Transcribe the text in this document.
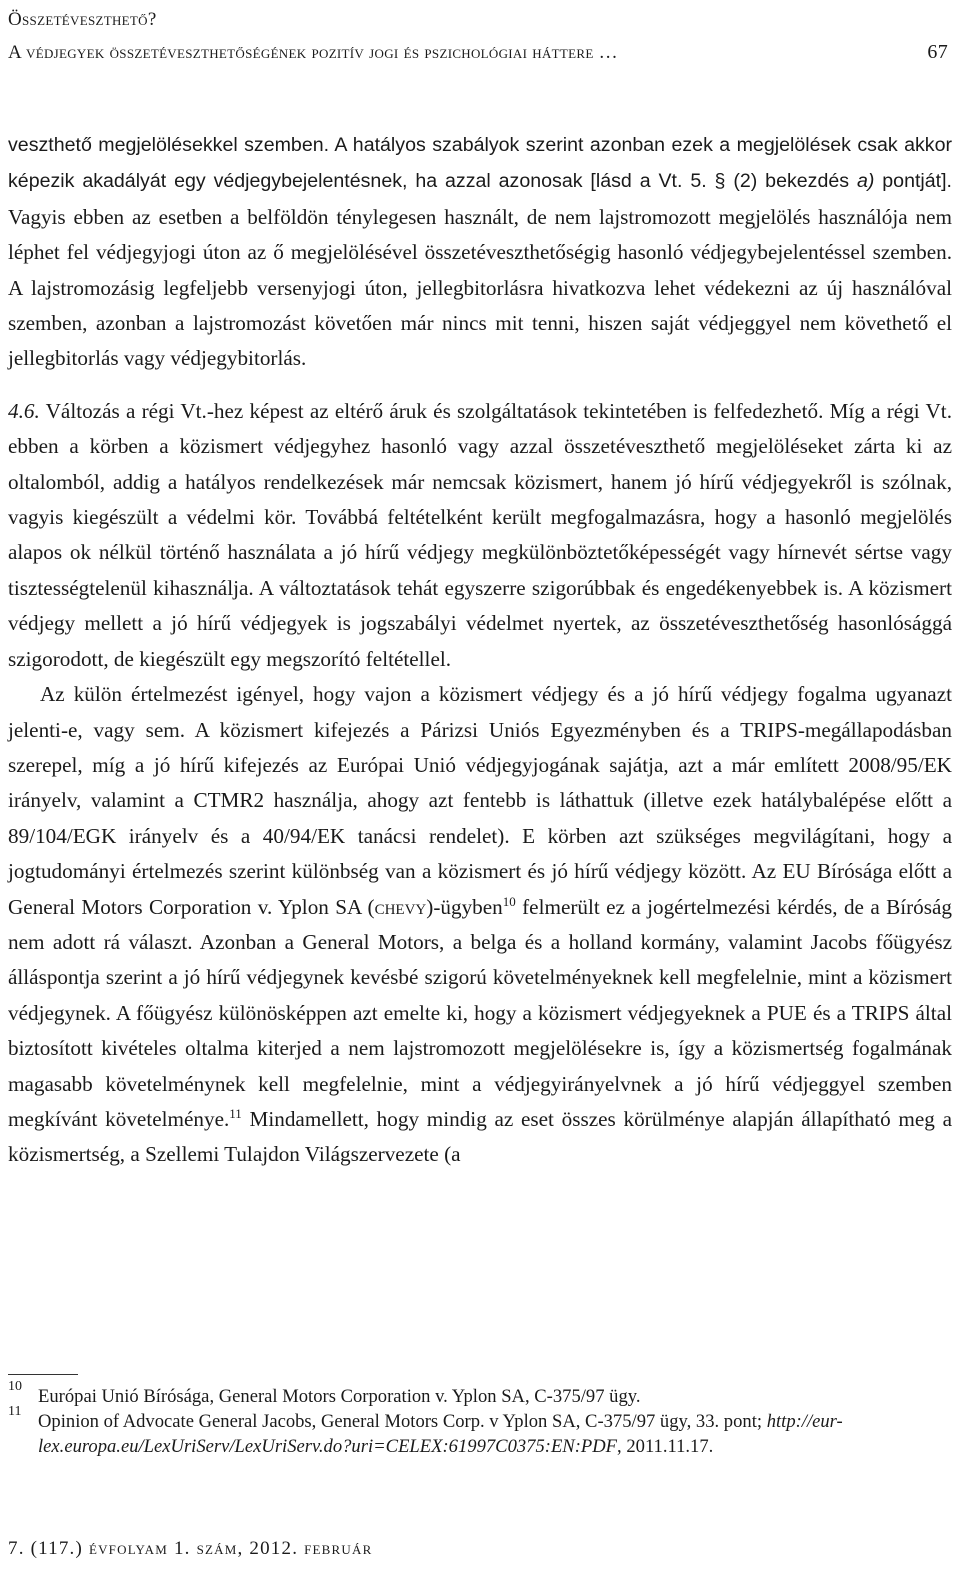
Összetéveszthető?
A védjegyek összetéveszthetőségének pozitív jogi és pszichológiai háttere …	67

veszthető megjelölésekkel szemben. A hatályos szabályok szerint azonban ezek a megjelölések csak akkor képezik akadályát egy védjegybejelentésnek, ha azzal azonosak [lásd a Vt. 5. § (2) bekezdés a) pontját]. Vagyis ebben az esetben a belföldön ténylegesen használt, de nem lajstromozott megjelölés használója nem léphet fel védjegyjogi úton az ő megjelölésével összetéveszthetőségig hasonló védjegybejelentéssel szemben. A lajstromozásig legfeljebb versenyjogi úton, jellegbitorlásra hivatkozva lehet védekezni az új használóval szemben, azonban a lajstromozást követően már nincs mit tenni, hiszen saját védjeggyel nem követhető el jellegbitorlás vagy védjegybitorlás.

4.6. Változás a régi Vt.-hez képest az eltérő áruk és szolgáltatások tekintetében is felfedezhető. Míg a régi Vt. ebben a körben a közismert védjegyhez hasonló vagy azzal összetéveszthető megjelöléseket zárta ki az oltalomból, addig a hatályos rendelkezések már nemcsak közismert, hanem jó hírű védjegyekről is szólnak, vagyis kiegészült a védelmi kör. Továbbá feltételként került megfogalmazásra, hogy a hasonló megjelölés alapos ok nélkül történő használata a jó hírű védjegy megkülönböztetőképességét vagy hírnevét sértse vagy tisztességtelenül kihasználja. A változtatások tehát egyszerre szigorúbbak és engedékenyebbek is. A közismert védjegy mellett a jó hírű védjegyek is jogszabályi védelmet nyertek, az összetéveszthetőség hasonlósággá szigorodott, de kiegészült egy megszorító feltétellel.

Az külön értelmezést igényel, hogy vajon a közismert védjegy és a jó hírű védjegy fogalma ugyanazt jelenti-e, vagy sem. A közismert kifejezés a Párizsi Uniós Egyezményben és a TRIPS-megállapodásban szerepel, míg a jó hírű kifejezés az Európai Unió védjegyjogának sajátja, azt a már említett 2008/95/EK irányelv, valamint a CTMR2 használja, ahogy azt fentebb is láthattuk (illetve ezek hatálybalépése előtt a 89/104/EGK irányelv és a 40/94/EK tanácsi rendelet). E körben azt szükséges megvilágítani, hogy a jogtudományi értelmezés szerint különbség van a közismert és jó hírű védjegy között. Az EU Bírósága előtt a General Motors Corporation v. Yplon SA (chevy)-ügyben$^{10}$ felmerült ez a jogértelmezési kérdés, de a Bíróság nem adott rá választ. Azonban a General Motors, a belga és a holland kormány, valamint Jacobs főügyész álláspontja szerint a jó hírű védjegynek kevésbé szigorú követelményeknek kell megfelelnie, mint a közismert védjegynek. A főügyész különösképpen azt emelte ki, hogy a közismert védjegyeknek a PUE és a TRIPS által biztosított kivételes oltalma kiterjed a nem lajstromozott megjelölésekre is, így a közismertség fogalmának magasabb követelménynek kell megfelelnie, mint a védjegyirányelvnek a jó hírű védjeggyel szemben megkívánt követelménye.$^{11}$ Mindamellett, hogy mindig az eset összes körülménye alapján állapítható meg a közismertség, a Szellemi Tulajdon Világszervezete (a

10 Európai Unió Bírósága, General Motors Corporation v. Yplon SA, C-375/97 ügy.
11 Opinion of Advocate General Jacobs, General Motors Corp. v Yplon SA, C-375/97 ügy, 33. pont; http://eur-lex.europa.eu/LexUriServ/LexUriServ.do?uri=CELEX:61997C0375:EN:PDF, 2011.11.17.
7. (117.) évfolyam 1. szám, 2012. február
